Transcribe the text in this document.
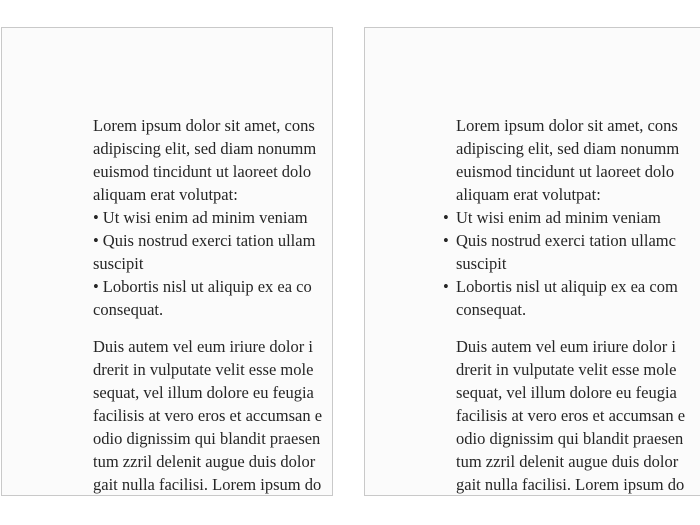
Lorem ipsum dolor sit amet, cons
adipiscing elit, sed diam nonumm
euismod tincidunt ut laoreet dolo
aliquam erat volutpat:
• Ut wisi enim ad minim veniam
• Quis nostrud exerci tation ullam
suscipit
• Lobortis nisl ut aliquip ex ea co
consequat.
Duis autem vel eum iriure dolor i
drerit in vulputate velit esse mole
sequat, vel illum dolore eu feugia
facilisis at vero eros et accumsan e
odio dignissim qui blandit praesen
tum zzril delenit augue duis dolor
gait nulla facilisi. Lorem ipsum do
Lorem ipsum dolor sit amet, cons
adipiscing elit, sed diam nonumm
euismod tincidunt ut laoreet dolo
aliquam erat volutpat:
• Ut wisi enim ad minim veniam
• Quis nostrud exerci tation ullamc
suscipit
• Lobortis nisl ut aliquip ex ea com
consequat.
Duis autem vel eum iriure dolor i
drerit in vulputate velit esse mole
sequat, vel illum dolore eu feugia
facilisis at vero eros et accumsan e
odio dignissim qui blandit praesen
tum zzril delenit augue duis dolor
gait nulla facilisi. Lorem ipsum do
